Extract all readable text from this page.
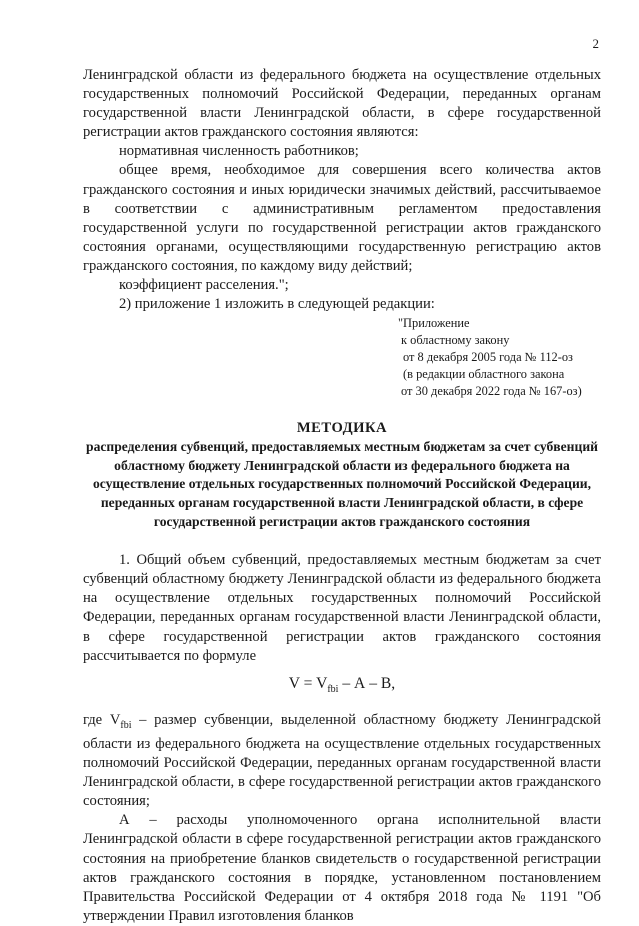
2

Ленинградской области из федерального бюджета на осуществление отдельных государственных полномочий Российской Федерации, переданных органам государственной власти Ленинградской области, в сфере государственной регистрации актов гражданского состояния являются:

нормативная численность работников;

общее время, необходимое для совершения всего количества актов гражданского состояния и иных юридически значимых действий, рассчитываемое в соответствии с административным регламентом предоставления государственной услуги по государственной регистрации актов гражданского состояния органами, осуществляющими государственную регистрацию актов гражданского состояния, по каждому виду действий;

коэффициент расселения.";

2) приложение 1 изложить в следующей редакции:

"Приложение
к областному закону
от 8 декабря 2005 года № 112-оз
(в редакции областного закона
от 30 декабря 2022 года № 167-оз)
МЕТОДИКА
распределения субвенций, предоставляемых местным бюджетам за счет субвенций областному бюджету Ленинградской области из федерального бюджета на осуществление отдельных государственных полномочий Российской Федерации, переданных органам государственной власти Ленинградской области, в сфере государственной регистрации актов гражданского состояния

1. Общий объем субвенций, предоставляемых местным бюджетам за счет субвенций областному бюджету Ленинградской области из федерального бюджета на осуществление отдельных государственных полномочий Российской Федерации, переданных органам государственной власти Ленинградской области, в сфере государственной регистрации актов гражданского состояния рассчитывается по формуле

$V = V_{fbi} - А - В$,

где $V_{fbi}$ – размер субвенции, выделенной областному бюджету Ленинградской области из федерального бюджета на осуществление отдельных государственных полномочий Российской Федерации, переданных органам государственной власти Ленинградской области, в сфере государственной регистрации актов гражданского состояния;

А – расходы уполномоченного органа исполнительной власти Ленинградской области в сфере государственной регистрации актов гражданского состояния на приобретение бланков свидетельств о государственной регистрации актов гражданского состояния в порядке, установленном постановлением Правительства Российской Федерации от 4 октября 2018 года № 1191 "Об утверждении Правил изготовления бланков
